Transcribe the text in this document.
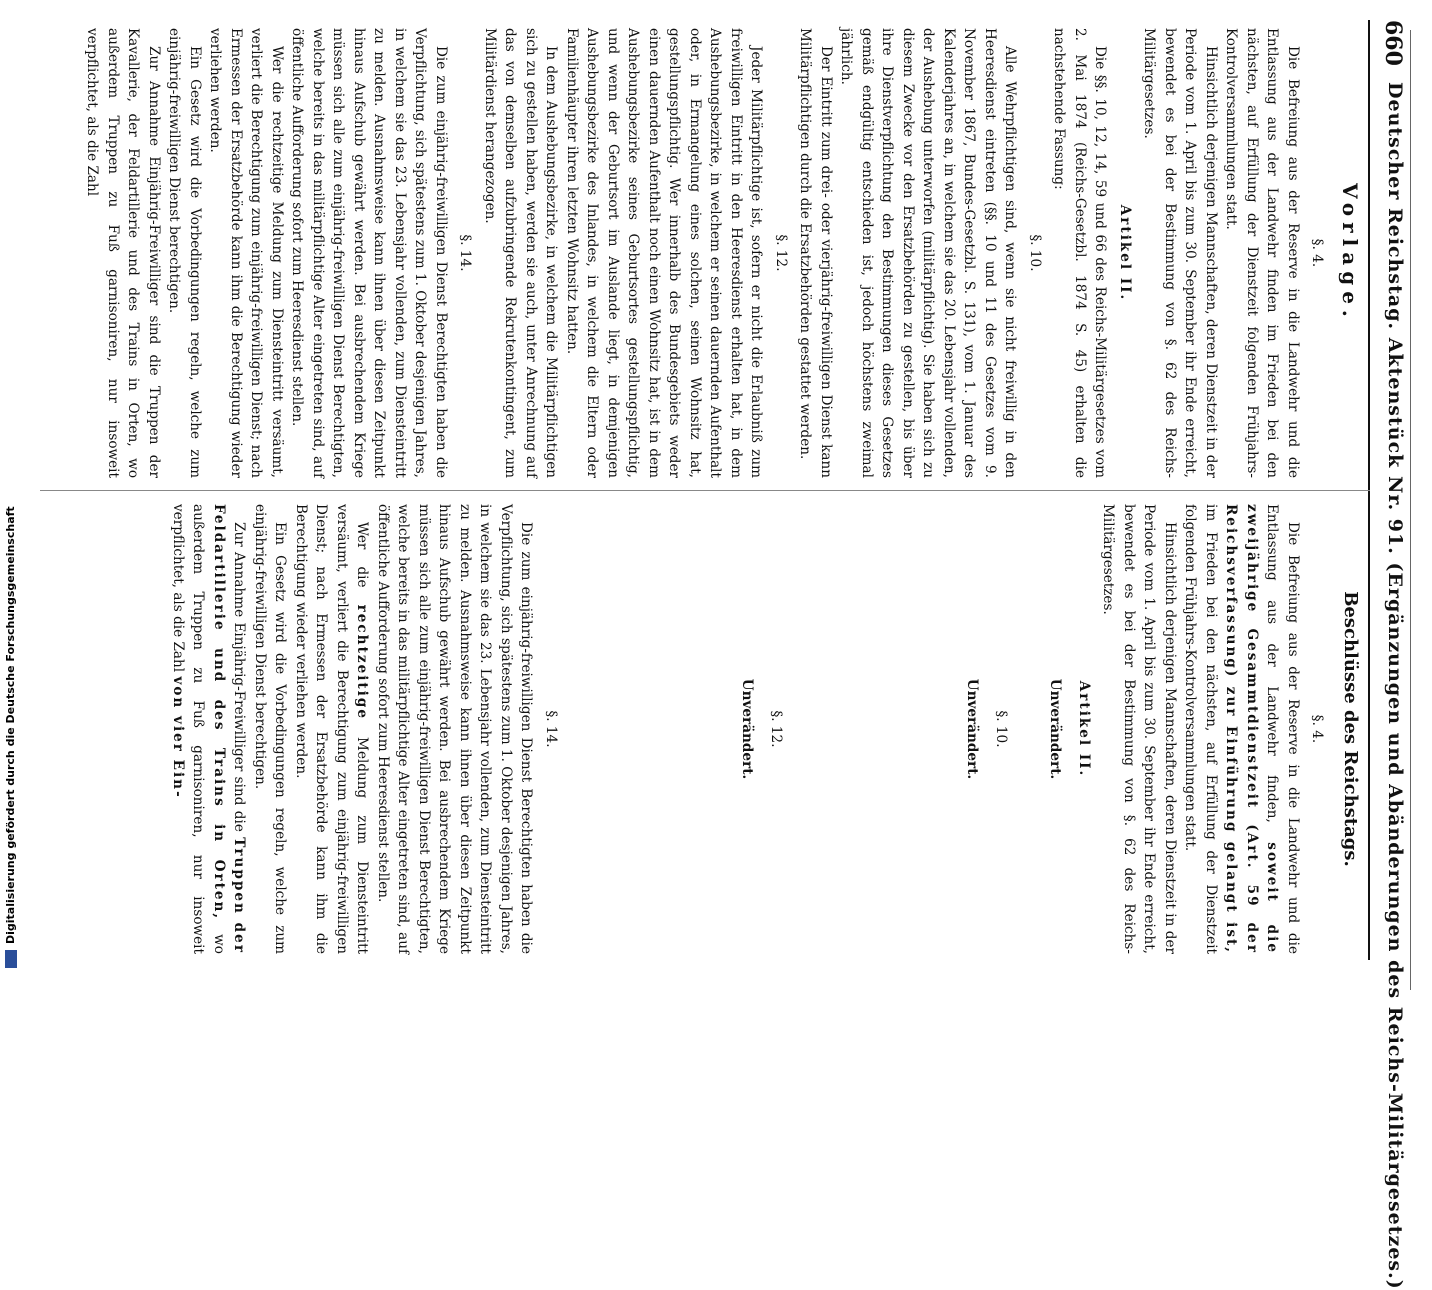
660
Deutscher Reichstag. Aktenstück Nr. 91. (Ergänzungen und Abänderungen des Reichs-Militärgesetzes.)
Vorlage.

§. 4.

Die Befreiung aus der Reserve in die Landwehr und die Entlassung aus der Landwehr finden im Frieden bei den nächsten, auf Erfüllung der Dienstzeit folgenden Frühjahrs-Kontrolversammlungen statt.

Hinsichtlich derjenigen Mannschaften, deren Dienstzeit in der Periode vom 1. April bis zum 30. September ihr Ende erreicht, bewendet es bei der Bestimmung von §. 62 des Reichs-Militärgesetzes.

Artikel II.

Die §§. 10, 12, 14, 59 und 66 des Reichs-Militärgesetzes vom 2. Mai 1874 (Reichs-Gesetzbl. 1874 S. 45) erhalten die nachstehende Fassung:

§. 10.

Alle Wehrpflichtigen sind, wenn sie nicht freiwillig in den Heeresdienst eintreten (§§. 10 und 11 des Gesetzes vom 9. November 1867, Bundes-Gesetzbl. S. 131), vom 1. Januar des Kalenderjahres an, in welchem sie das 20. Lebensjahr vollenden, der Aushebung unterworfen (militärpflichtig). Sie haben sich zu diesem Zwecke vor den Ersatzbehörden zu gestellen, bis über ihre Dienstverpflichtung den Bestimmungen dieses Gesetzes gemäß endgültig entschieden ist, jedoch höchstens zweimal jährlich.

Der Eintritt zum drei- oder vierjährig-freiwilligen Dienst kann Militärpflichtigen durch die Ersatzbehörden gestattet werden.

§. 12.

Jeder Militärpflichtige ist, sofern er nicht die Erlaubniß zum freiwilligen Eintritt in den Heeresdienst erhalten hat, in dem Aushebungsbezirke, in welchem er seinen dauernden Aufenthalt oder, in Ermangelung eines solchen, seinen Wohnsitz hat, gestellungspflichtig. Wer innerhalb des Bundesgebiets weder einen dauernden Aufenthalt noch einen Wohnsitz hat, ist in dem Aushebungsbezirke seines Geburtsortes gestellungspflichtig, und wenn der Geburtsort im Auslande liegt, in demjenigen Aushebungsbezirke des Inlandes, in welchem die Eltern oder Familienhäupter ihren letzten Wohnsitz hatten.

In dem Aushebungsbezirke, in welchem die Militärpflichtigen sich zu gestellen haben, werden sie auch, unter Anrechnung auf das von demselben aufzubringende Rekrutenkontingent, zum Militärdienst herangezogen.

§. 14.

Die zum einjährig-freiwilligen Dienst Berechtigten haben die Verpflichtung, sich spätestens zum 1. Oktober desjenigen Jahres, in welchem sie das 23. Lebensjahr vollenden, zum Diensteintritt zu melden. Ausnahmsweise kann ihnen über diesen Zeitpunkt hinaus Aufschub gewährt werden. Bei ausbrechendem Kriege müssen sich alle zum einjährig-freiwilligen Dienst Berechtigten, welche bereits in das militärpflichtige Alter eingetreten sind, auf öffentliche Aufforderung sofort zum Heeresdienst stellen.

Wer die rechtzeitige Meldung zum Diensteintritt versäumt, verliert die Berechtigung zum einjährig-freiwilligen Dienst; nach Ermessen der Ersatzbehörde kann ihm die Berechtigung wieder verliehen werden.

Ein Gesetz wird die Vorbedingungen regeln, welche zum einjährig-freiwilligen Dienst berechtigen.

Zur Annahme Einjährig-Freiwilliger sind die Truppen der Kavallerie, der Feldartillerie und des Trains in Orten, wo außerdem Truppen zu Fuß garnisoniren, nur insoweit verpflichtet, als die Zahl

Beschlüsse des Reichstags.

§. 4.

Die Befreiung aus der Reserve in die Landwehr und die Entlassung aus der Landwehr finden, soweit die zweijährige Gesammtdienstzeit (Art. 59 der Reichsverfassung) zur Einführung gelangt ist, im Frieden bei den nächsten, auf Erfüllung der Dienstzeit folgenden Frühjahrs-Kontrolversammlungen statt.

Hinsichtlich derjenigen Mannschaften, deren Dienstzeit in der Periode vom 1. April bis zum 30. September ihr Ende erreicht, bewendet es bei der Bestimmung von §. 62 des Reichs-Militärgesetzes.

Artikel II.

Unverändert.

§. 10.

Unverändert.

§. 12.

Unverändert.

§. 14.

Die zum einjährig-freiwilligen Dienst Berechtigten haben die Verpflichtung, sich spätestens zum 1. Oktober desjenigen Jahres, in welchem sie das 23. Lebensjahr vollenden, zum Diensteintritt zu melden. Ausnahmsweise kann ihnen über diesen Zeitpunkt hinaus Aufschub gewährt werden. Bei ausbrechendem Kriege müssen sich alle zum einjährig-freiwilligen Dienst Berechtigten, welche bereits in das militärpflichtige Alter eingetreten sind, auf öffentliche Aufforderung sofort zum Heeresdienst stellen.

Wer die rechtzeitige Meldung zum Diensteintritt versäumt, verliert die Berechtigung zum einjährig-freiwilligen Dienst; nach Ermessen der Ersatzbehörde kann ihm die Berechtigung wieder verliehen werden.

Ein Gesetz wird die Vorbedingungen regeln, welche zum einjährig-freiwilligen Dienst berechtigen.

Zur Annahme Einjährig-Freiwilliger sind die Truppen der Feldartillerie und des Trains in Orten, wo außerdem Truppen zu Fuß garnisoniren, nur insoweit verpflichtet, als die Zahl von vier Ein-

Digitalisierung gefördert durch die Deutsche Forschungsgemeinschaft
